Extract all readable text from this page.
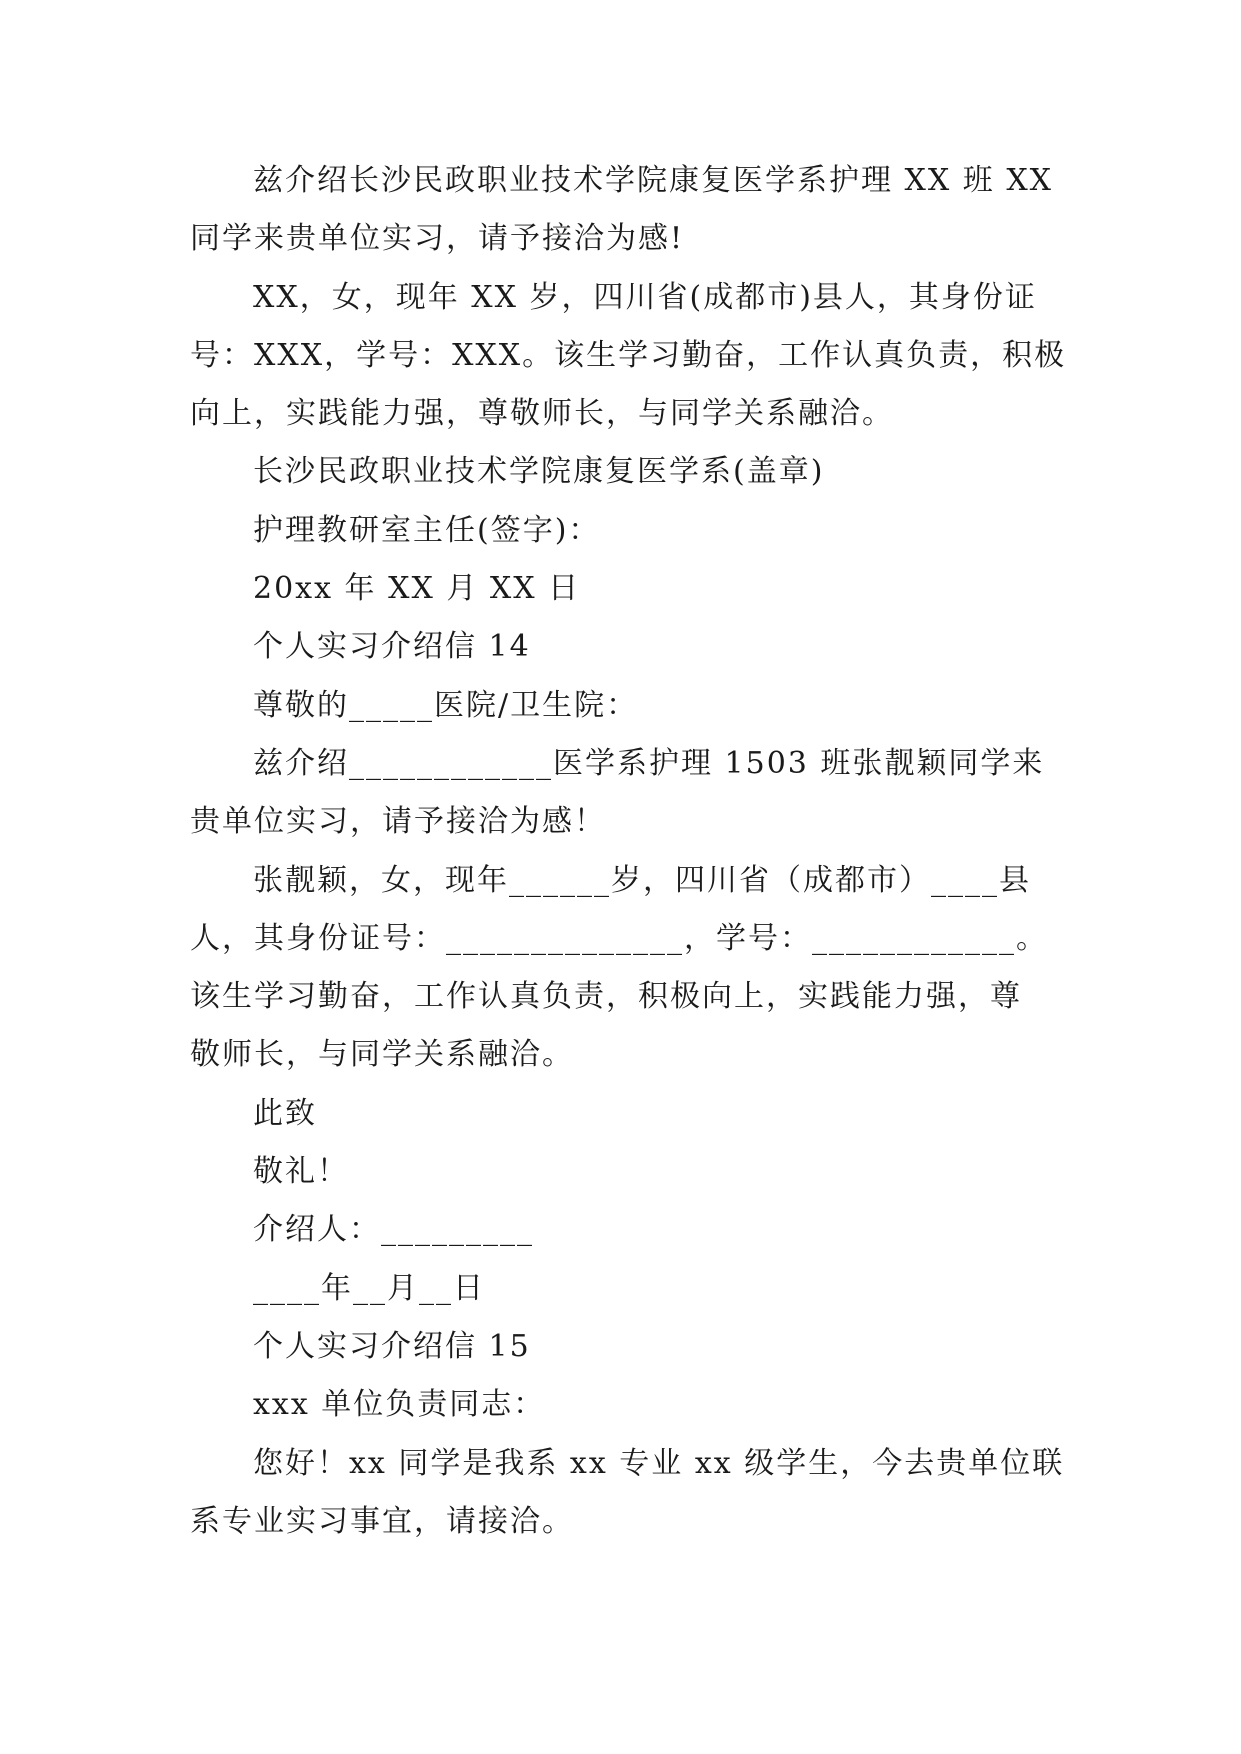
兹介绍长沙民政职业技术学院康复医学系护理 XX 班 XX
同学来贵单位实习，请予接洽为感!
XX，女，现年 XX 岁，四川省(成都市)县人，其身份证
号：XXX，学号：XXX。该生学习勤奋，工作认真负责，积极
向上，实践能力强，尊敬师长，与同学关系融洽。
长沙民政职业技术学院康复医学系(盖章)
护理教研室主任(签字)：
20xx 年 XX 月 XX 日
个人实习介绍信 14
尊敬的_____医院/卫生院：
兹介绍____________医学系护理 1503 班张靓颖同学来
贵单位实习，请予接洽为感！
张靓颖，女，现年______岁，四川省（成都市）____县
人，其身份证号：______________，学号：____________。
该生学习勤奋，工作认真负责，积极向上，实践能力强，尊
敬师长，与同学关系融洽。
此致
敬礼！
介绍人：_________
____年__月__日
个人实习介绍信 15
xxx 单位负责同志：
您好！xx 同学是我系 xx 专业 xx 级学生，今去贵单位联
系专业实习事宜，请接洽。
